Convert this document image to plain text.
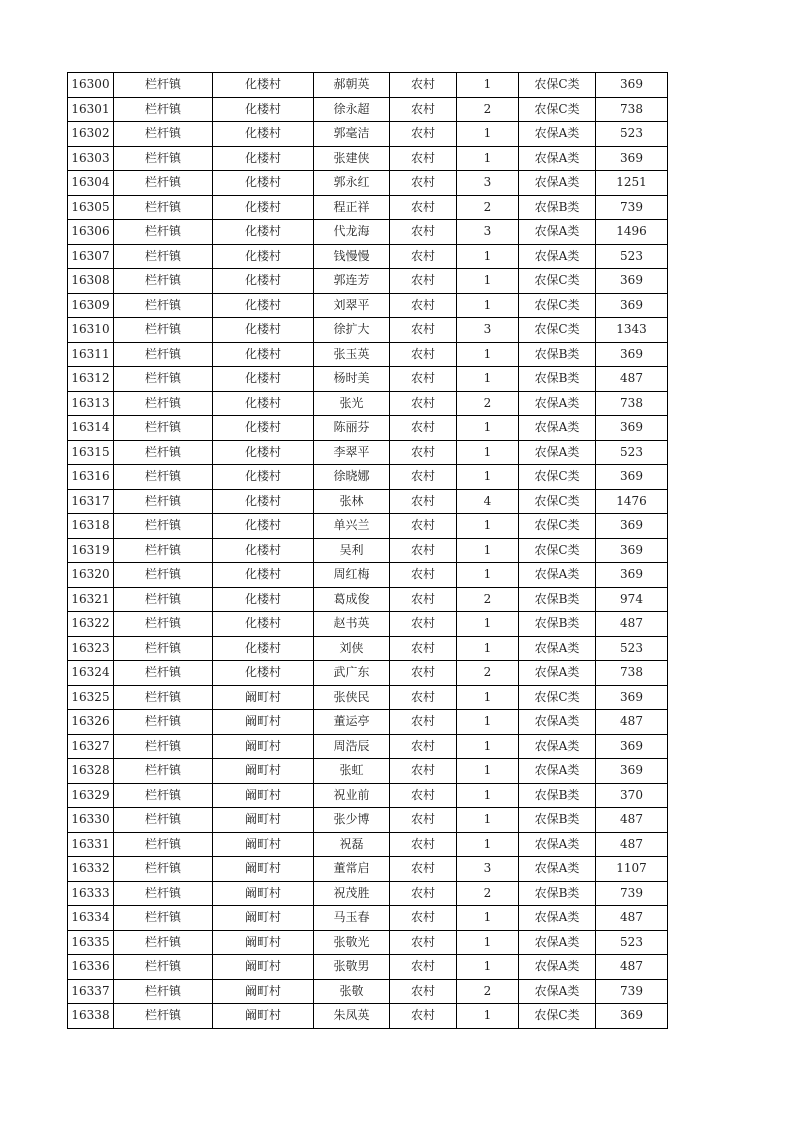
16300	栏杆镇	化楼村	郝朝英	农村	1	农保C类	369
16301	栏杆镇	化楼村	徐永超	农村	2	农保C类	738
16302	栏杆镇	化楼村	郭毫洁	农村	1	农保A类	523
16303	栏杆镇	化楼村	张建侠	农村	1	农保A类	369
16304	栏杆镇	化楼村	郭永红	农村	3	农保A类	1251
16305	栏杆镇	化楼村	程正祥	农村	2	农保B类	739
16306	栏杆镇	化楼村	代龙海	农村	3	农保A类	1496
16307	栏杆镇	化楼村	钱慢慢	农村	1	农保A类	523
16308	栏杆镇	化楼村	郭连芳	农村	1	农保C类	369
16309	栏杆镇	化楼村	刘翠平	农村	1	农保C类	369
16310	栏杆镇	化楼村	徐扩大	农村	3	农保C类	1343
16311	栏杆镇	化楼村	张玉英	农村	1	农保B类	369
16312	栏杆镇	化楼村	杨时美	农村	1	农保B类	487
16313	栏杆镇	化楼村	张光	农村	2	农保A类	738
16314	栏杆镇	化楼村	陈丽芬	农村	1	农保A类	369
16315	栏杆镇	化楼村	李翠平	农村	1	农保A类	523
16316	栏杆镇	化楼村	徐晓娜	农村	1	农保C类	369
16317	栏杆镇	化楼村	张林	农村	4	农保C类	1476
16318	栏杆镇	化楼村	单兴兰	农村	1	农保C类	369
16319	栏杆镇	化楼村	吴利	农村	1	农保C类	369
16320	栏杆镇	化楼村	周红梅	农村	1	农保A类	369
16321	栏杆镇	化楼村	葛成俊	农村	2	农保B类	974
16322	栏杆镇	化楼村	赵书英	农村	1	农保B类	487
16323	栏杆镇	化楼村	刘侠	农村	1	农保A类	523
16324	栏杆镇	化楼村	武广东	农村	2	农保A类	738
16325	栏杆镇	阚町村	张侠民	农村	1	农保C类	369
16326	栏杆镇	阚町村	董运亭	农村	1	农保A类	487
16327	栏杆镇	阚町村	周浩辰	农村	1	农保A类	369
16328	栏杆镇	阚町村	张虹	农村	1	农保A类	369
16329	栏杆镇	阚町村	祝业前	农村	1	农保B类	370
16330	栏杆镇	阚町村	张少博	农村	1	农保B类	487
16331	栏杆镇	阚町村	祝磊	农村	1	农保A类	487
16332	栏杆镇	阚町村	董常启	农村	3	农保A类	1107
16333	栏杆镇	阚町村	祝茂胜	农村	2	农保B类	739
16334	栏杆镇	阚町村	马玉春	农村	1	农保A类	487
16335	栏杆镇	阚町村	张敬光	农村	1	农保A类	523
16336	栏杆镇	阚町村	张敬男	农村	1	农保A类	487
16337	栏杆镇	阚町村	张敬	农村	2	农保A类	739
16338	栏杆镇	阚町村	朱凤英	农村	1	农保C类	369
